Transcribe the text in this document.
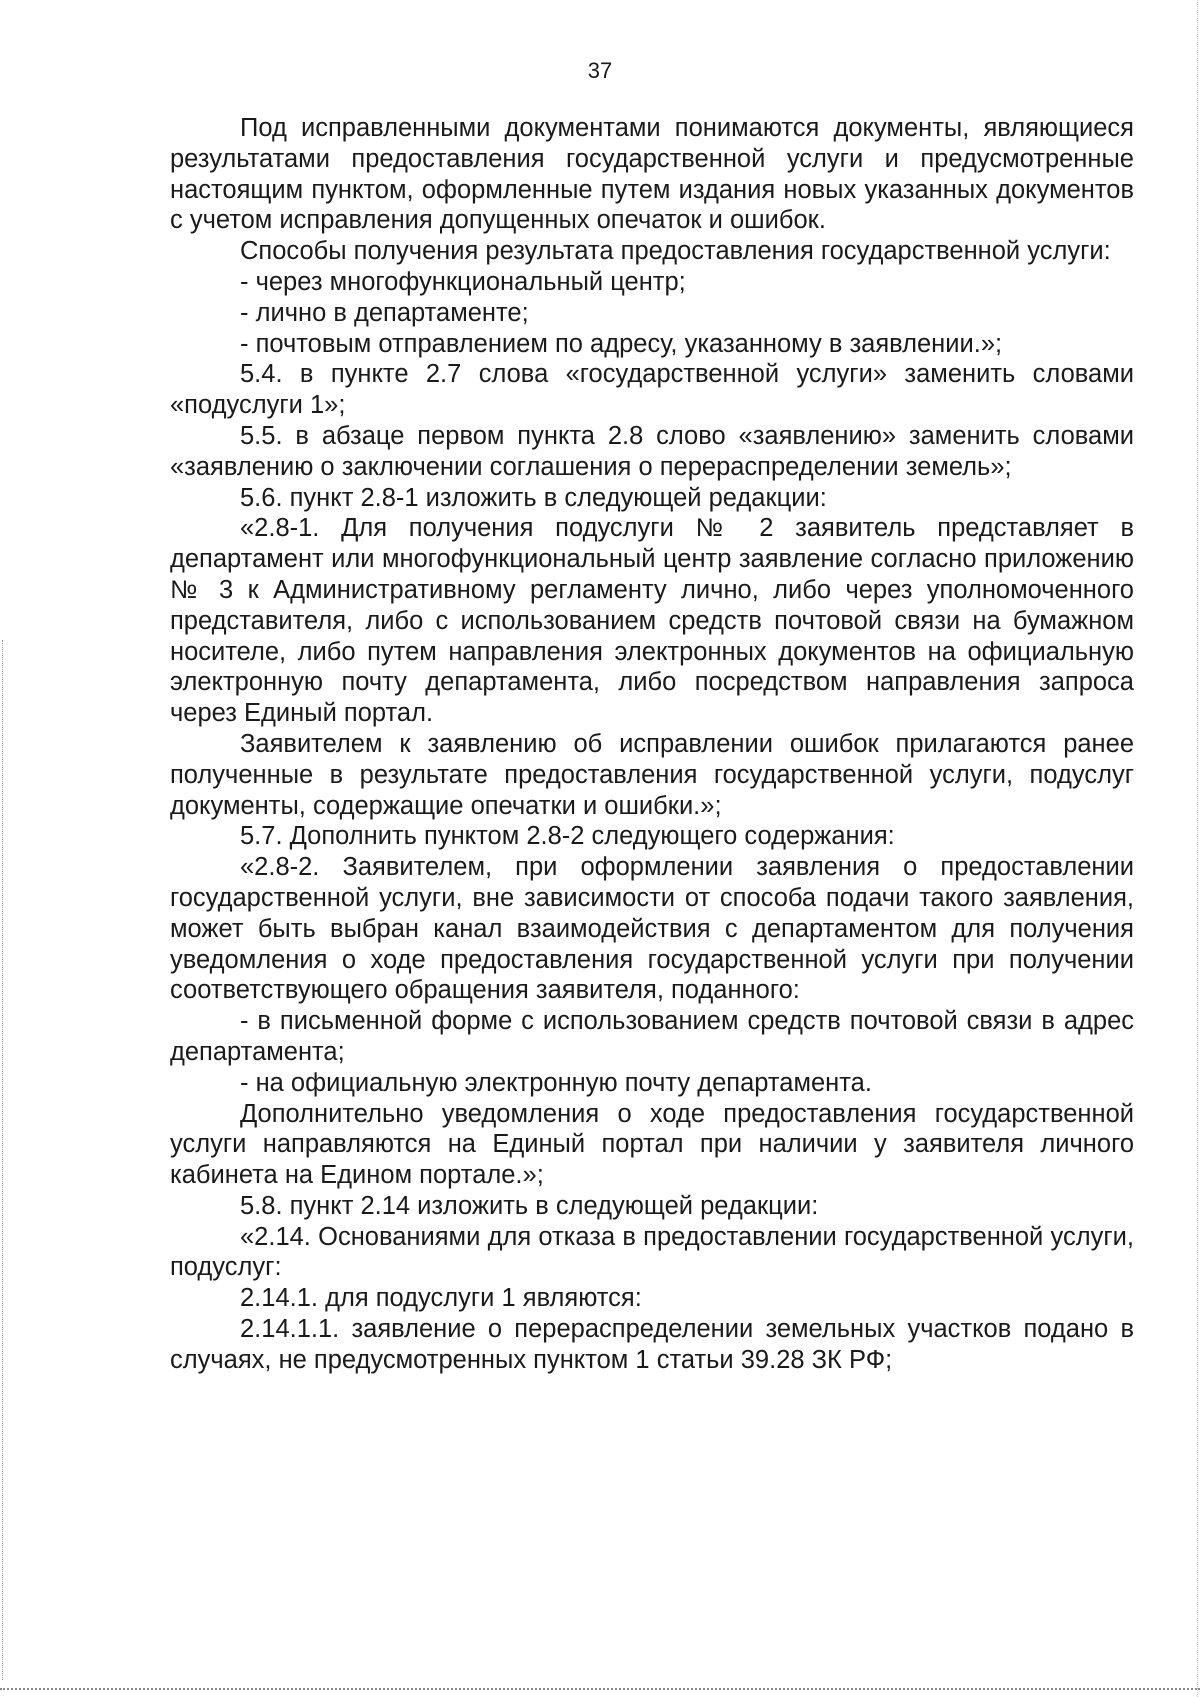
37

Под исправленными документами понимаются документы, являющиеся результатами предоставления государственной услуги и предусмотренные настоящим пунктом, оформленные путем издания новых указанных документов с учетом исправления допущенных опечаток и ошибок.

Способы получения результата предоставления государственной услуги:

- через многофункциональный центр;

- лично в департаменте;

- почтовым отправлением по адресу, указанному в заявлении.»;

5.4. в пункте 2.7 слова «государственной услуги» заменить словами «подуслуги 1»;

5.5. в абзаце первом пункта 2.8 слово «заявлению» заменить словами «заявлению о заключении соглашения о перераспределении земель»;

5.6. пункт 2.8-1 изложить в следующей редакции:

«2.8-1. Для получения подуслуги № 2 заявитель представляет в департамент или многофункциональный центр заявление согласно приложению № 3 к Административному регламенту лично, либо через уполномоченного представителя, либо с использованием средств почтовой связи на бумажном носителе, либо путем направления электронных документов на официальную электронную почту департамента, либо посредством направления запроса через Единый портал.

Заявителем к заявлению об исправлении ошибок прилагаются ранее полученные в результате предоставления государственной услуги, подуслуг документы, содержащие опечатки и ошибки.»;

5.7. Дополнить пунктом 2.8-2 следующего содержания:

«2.8-2. Заявителем, при оформлении заявления о предоставлении государственной услуги, вне зависимости от способа подачи такого заявления, может быть выбран канал взаимодействия с департаментом для получения уведомления о ходе предоставления государственной услуги при получении соответствующего обращения заявителя, поданного:

- в письменной форме с использованием средств почтовой связи в адрес департамента;

- на официальную электронную почту департамента.

Дополнительно уведомления о ходе предоставления государственной услуги направляются на Единый портал при наличии у заявителя личного кабинета на Едином портале.»;

5.8. пункт 2.14 изложить в следующей редакции:

«2.14. Основаниями для отказа в предоставлении государственной услуги, подуслуг:

2.14.1. для подуслуги 1 являются:

2.14.1.1. заявление о перераспределении земельных участков подано в случаях, не предусмотренных пунктом 1 статьи 39.28 ЗК РФ;
